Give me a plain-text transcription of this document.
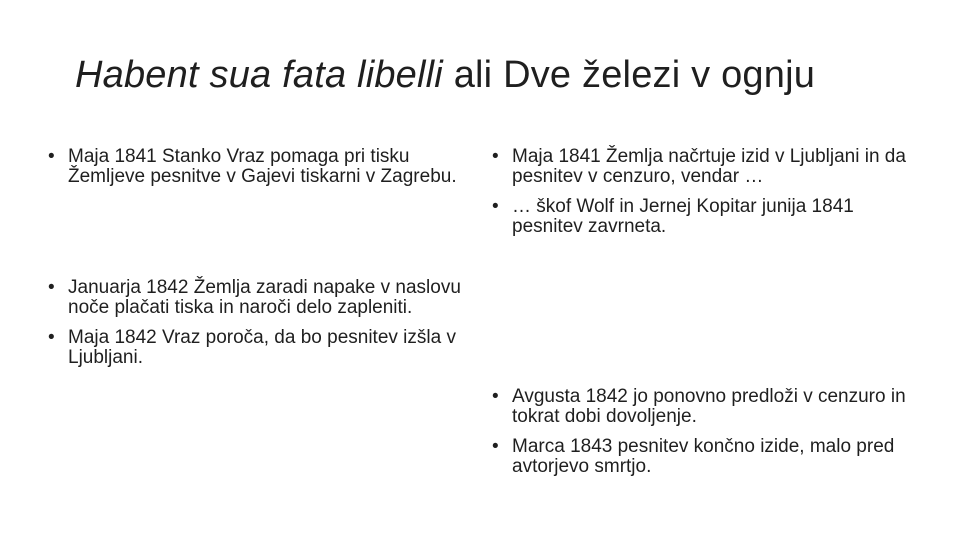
Habent sua fata libelli ali Dve železi v ognju
• Maja 1841 Stanko Vraz pomaga pri tisku Žemljeve pesnitve v Gajevi tiskarni v Zagrebu.
• Januarja 1842 Žemlja zaradi napake v naslovu noče plačati tiska in naroči delo zapleniti.
• Maja 1842 Vraz poroča, da bo pesnitev izšla v Ljubljani.
• Maja 1841 Žemlja načrtuje izid v Ljubljani in da pesnitev v cenzuro, vendar …
• … škof Wolf in Jernej Kopitar junija 1841 pesnitev zavrneta.
• Avgusta 1842 jo ponovno predloži v cenzuro in tokrat dobi dovoljenje.
• Marca 1843 pesnitev končno izide, malo pred avtorjevo smrtjo.
